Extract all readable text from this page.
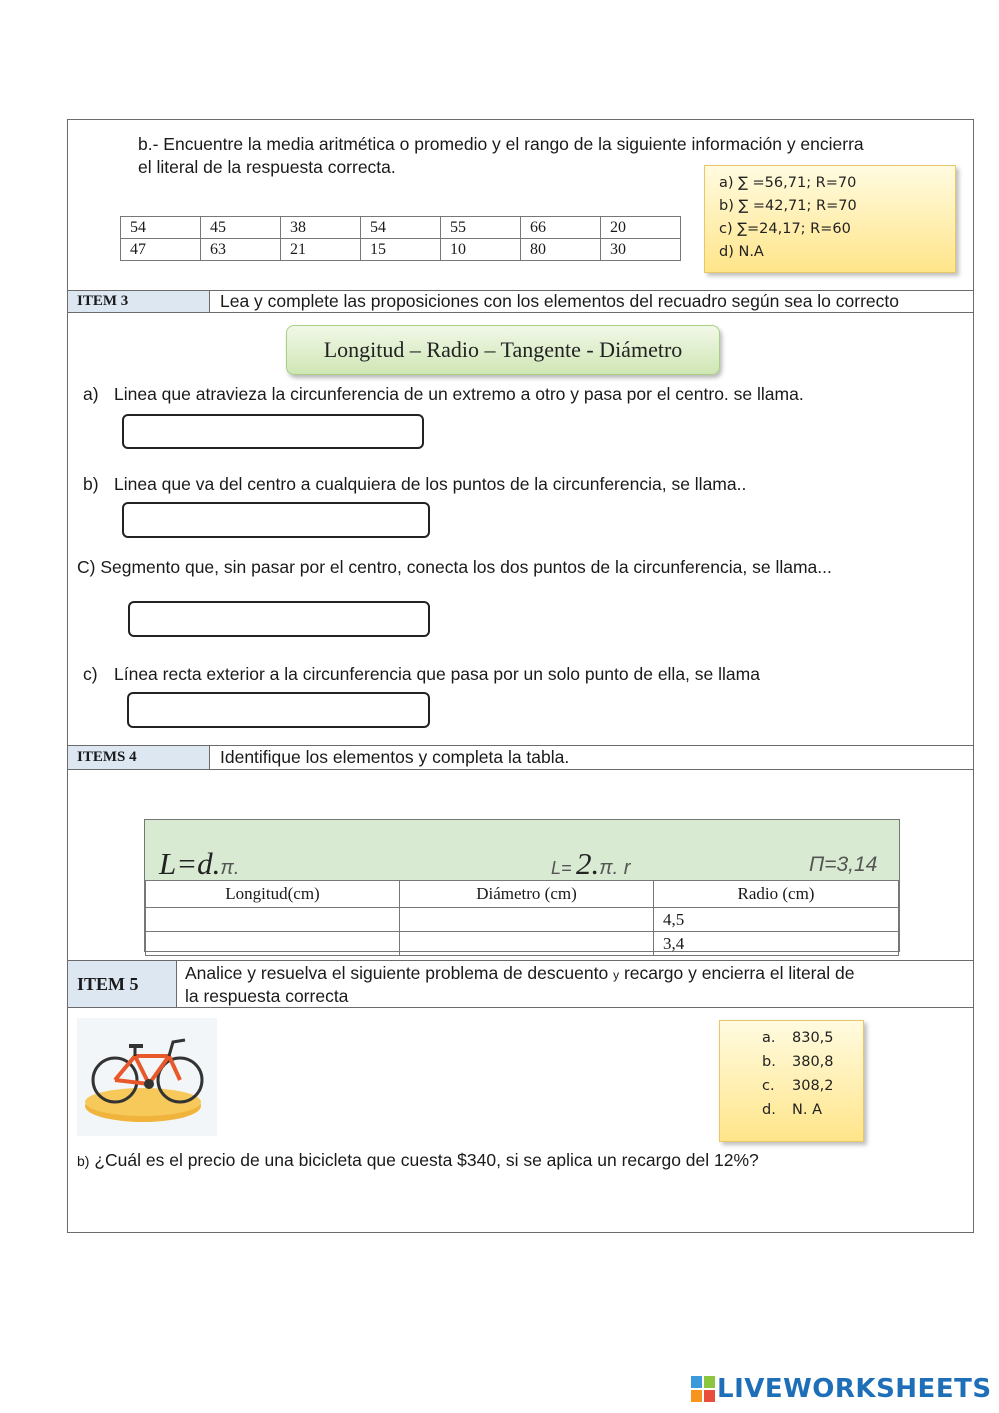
b.- Encuentre la media aritmética o promedio y el rango de la siguiente información y encierra
el literal de la respuesta correcta.
54	45	38	54	55	66	20
47	63	21	15	10	80	30
a) ∑ =56,71; R=70
b) ∑ =42,71; R=70
c) ∑=24,17; R=60
d) N.A
ITEM 3	Lea y complete las proposiciones con los elementos del recuadro según sea lo correcto
Longitud – Radio – Tangente - Diámetro
a) Linea que atravieza la circunferencia de un extremo a otro y pasa por el centro. se llama.
b) Linea que va del centro a cualquiera de los puntos de la circunferencia, se llama..
C) Segmento que, sin pasar por el centro, conecta los dos puntos de la circunferencia, se llama...
c) Línea recta exterior a la circunferencia que pasa por un solo punto de ella, se llama
ITEMS 4	Identifique los elementos y completa la tabla.
L=d.π.	L= 2.π. r	Π=3,14
Longitud(cm)	Diámetro (cm)	Radio (cm)
		4,5
		3,4
ITEM 5
Analice y resuelva el siguiente problema de descuento y recargo y encierra el literal de
la respuesta correcta
a. 830,5
b. 380,8
c. 308,2
d. N. A
b) ¿Cuál es el precio de una bicicleta que cuesta $340, si se aplica un recargo del 12%?
LIVEWORKSHEETS
